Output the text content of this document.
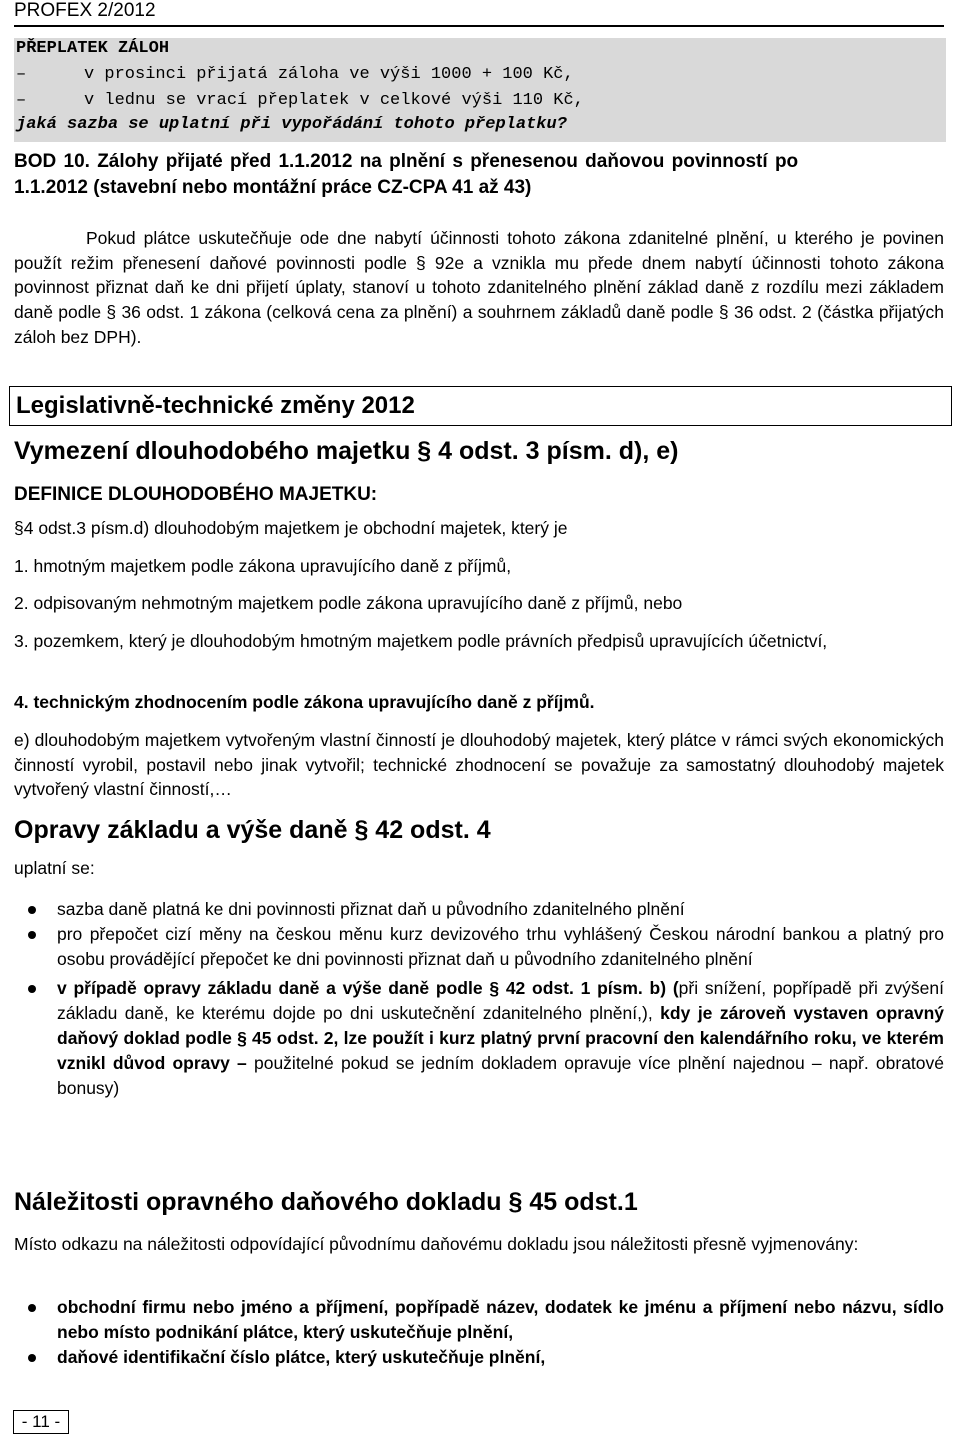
PROFEX 2/2012
PŘEPLATEK ZÁLOH
–	v prosinci přijatá záloha ve výši 1000 + 100 Kč,
–	v lednu se vrací přeplatek v celkové výši 110 Kč,
jaká sazba se uplatní při vypořádání tohoto přeplatku?
BOD 10. Zálohy přijaté před 1.1.2012 na plnění s přenesenou daňovou povinností po
1.1.2012 (stavební nebo montážní práce CZ-CPA 41 až 43)

Pokud plátce uskutečňuje ode dne nabytí účinnosti tohoto zákona zdanitelné plnění, u kterého je povinen použít režim přenesení daňové povinnosti podle § 92e a vznikla mu přede dnem nabytí účinnosti tohoto zákona povinnost přiznat daň ke dni přijetí úplaty, stanoví u tohoto zdanitelného plnění základ daně z rozdílu mezi základem daně podle § 36 odst. 1 zákona (celková cena za plnění) a souhrnem základů daně podle § 36 odst. 2 (částka přijatých záloh bez DPH).

Legislativně-technické změny 2012
Vymezení dlouhodobého majetku § 4 odst. 3 písm. d), e)
DEFINICE DLOUHODOBÉHO MAJETKU:
§4 odst.3 písm.d) dlouhodobým majetkem je obchodní majetek, který je
1. hmotným majetkem podle zákona upravujícího daně z příjmů,
2. odpisovaným nehmotným majetkem podle zákona upravujícího daně z příjmů, nebo

3. pozemkem, který je dlouhodobým hmotným majetkem podle právních předpisů upravujících účetnictví,

4. technickým zhodnocením podle zákona upravujícího daně z příjmů.

e) dlouhodobým majetkem vytvořeným vlastní činností je dlouhodobý majetek, který plátce v rámci svých ekonomických činností vyrobil, postavil nebo jinak vytvořil; technické zhodnocení se považuje za samostatný dlouhodobý majetek vytvořený vlastní činností,…

Opravy základu a výše daně § 42 odst. 4
uplatní se:
sazba daně platná ke dni povinnosti přiznat daň u původního zdanitelného plnění
pro přepočet cizí měny na českou měnu kurz devizového trhu vyhlášený Českou národní bankou a platný pro osobu provádějící přepočet ke dni povinnosti přiznat daň u původního zdanitelného plnění
v případě opravy základu daně a výše daně podle § 42 odst. 1 písm. b) (při snížení, popřípadě při zvýšení základu daně, ke kterému dojde po dni uskutečnění zdanitelného plnění,), kdy je zároveň vystaven opravný daňový doklad podle § 45 odst. 2, lze použít i kurz platný první pracovní den kalendářního roku, ve kterém vznikl důvod opravy – použitelné pokud se jedním dokladem opravuje více plnění najednou – např. obratové bonusy)
Náležitosti opravného daňového dokladu § 45 odst.1

Místo odkazu na náležitosti odpovídající původnímu daňovému dokladu jsou náležitosti přesně vyjmenovány:

obchodní firmu nebo jméno a příjmení, popřípadě název, dodatek ke jménu a příjmení nebo názvu, sídlo nebo místo podnikání plátce, který uskutečňuje plnění,
daňové identifikační číslo plátce, který uskutečňuje plnění,
- 11 -
